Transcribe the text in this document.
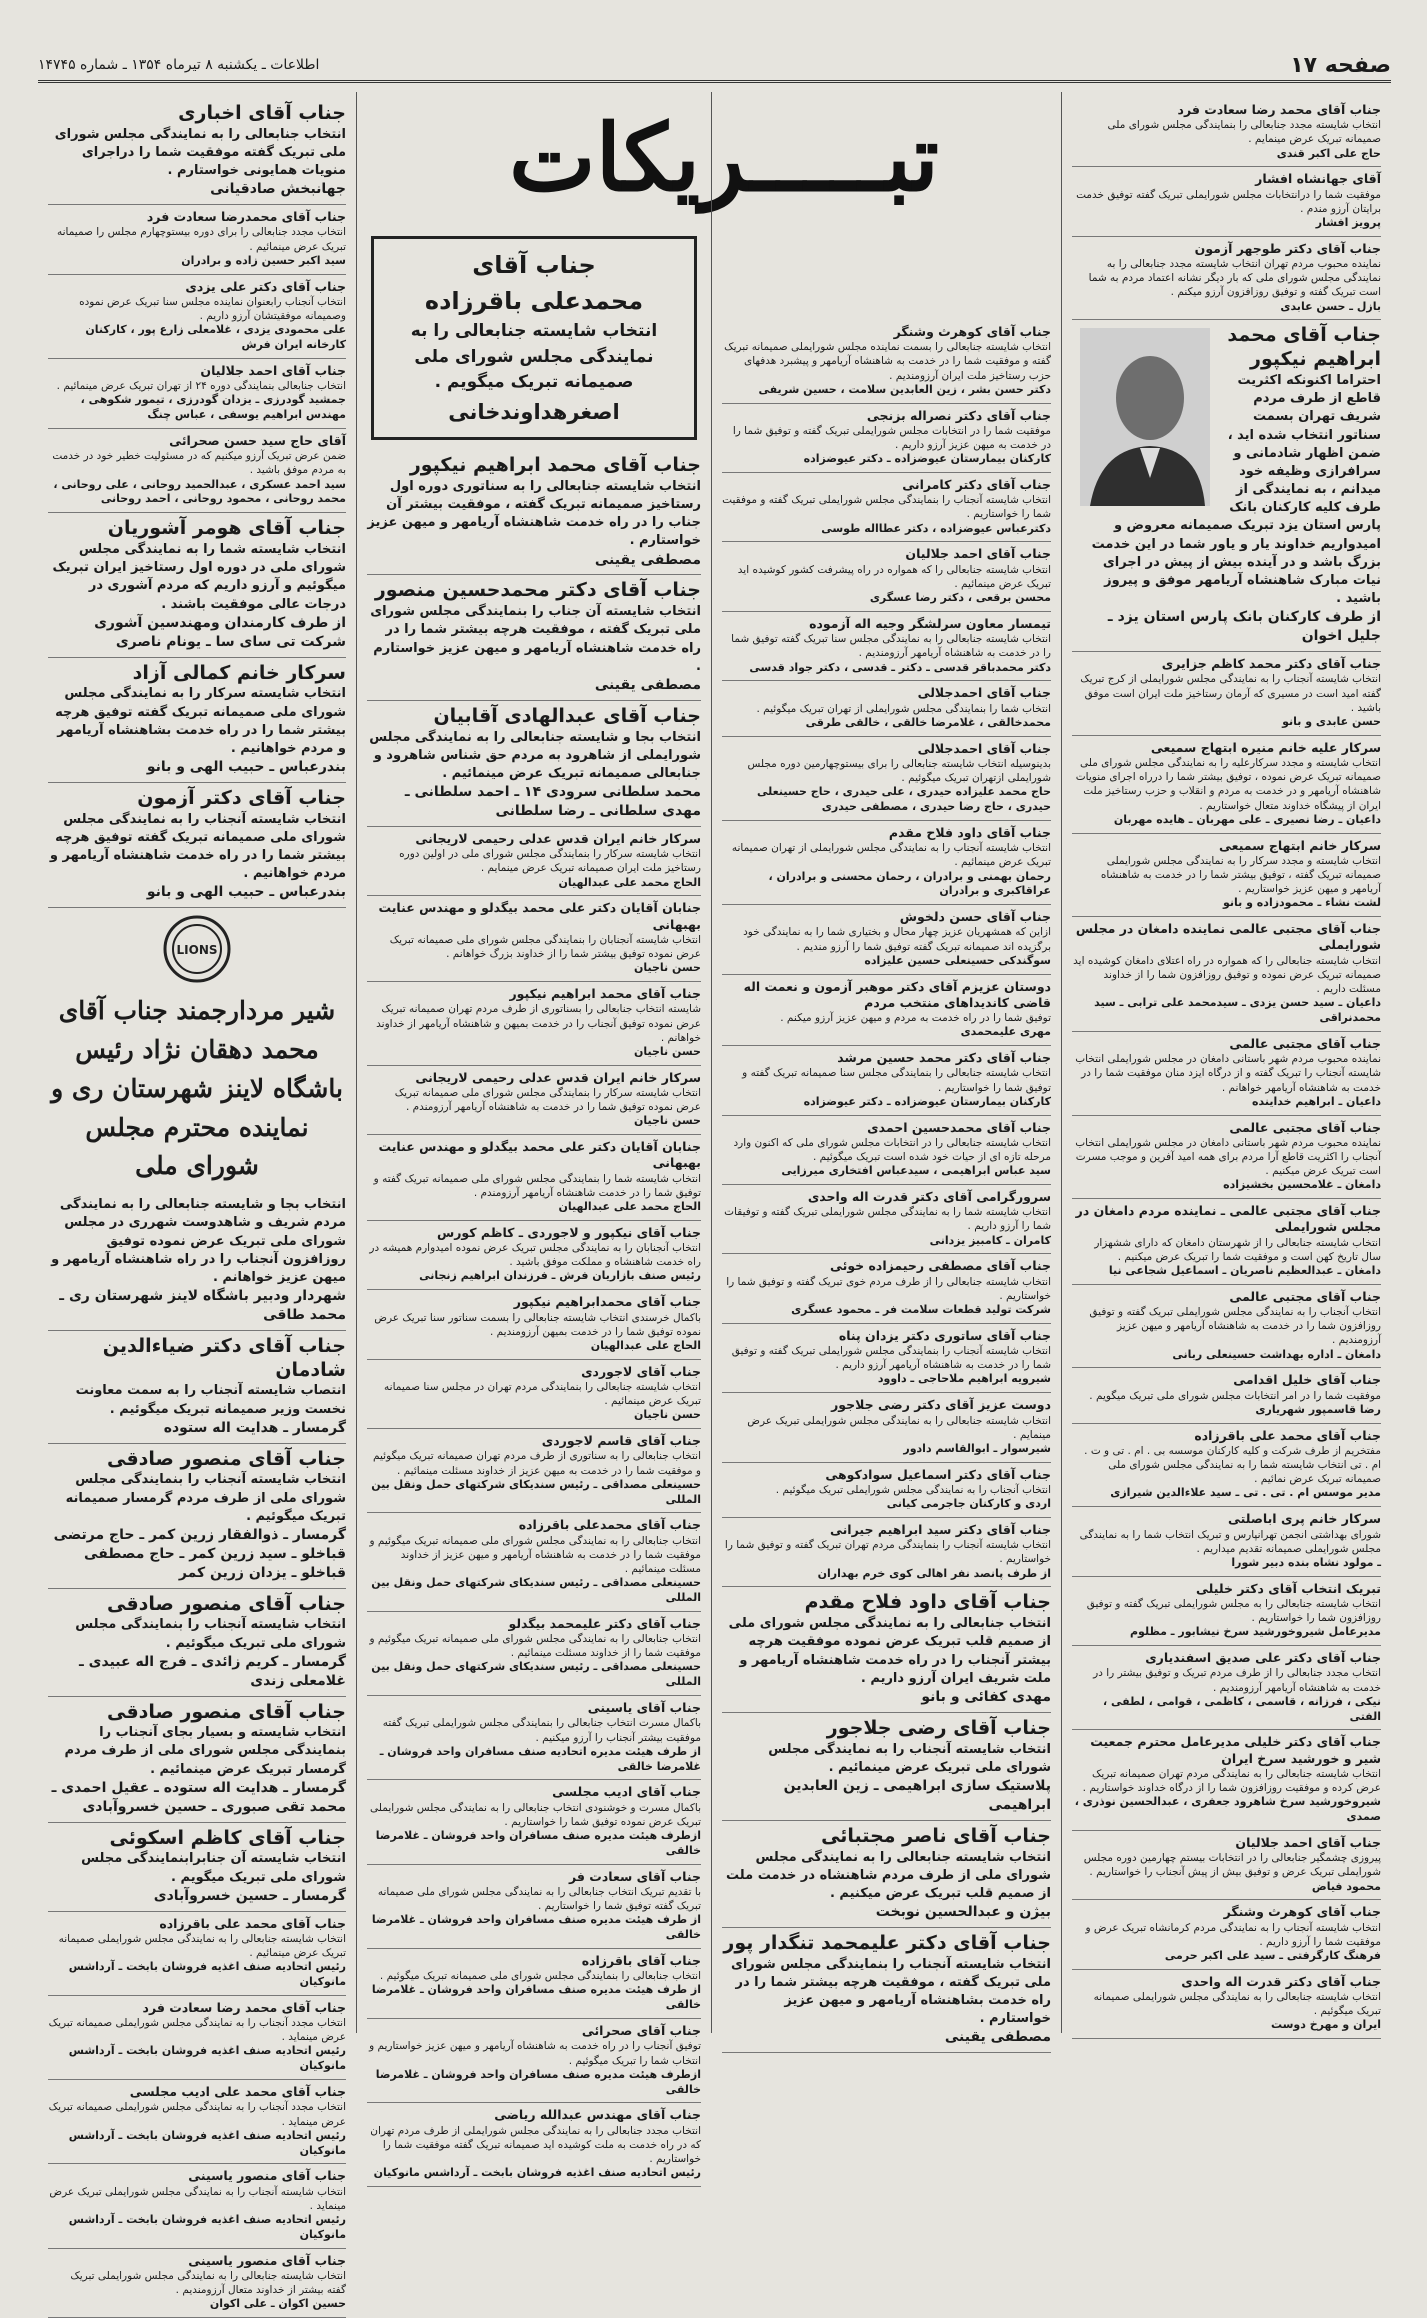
صفحه ۱۷
اطلاعات ـ یکشنبه ۸ تیرماه ۱۳۵۴ ـ شماره ۱۴۷۴۵
تبـــــریکات	جناب آقای محمد رضا سعادت فرد
انتخاب شایسته مجدد جنابعالی را بنمایندگی مجلس شورای ملی صمیمانه تبریک عرض مینمایم .
حاج علی اکبر قندی
آقای جهانشاه افشار
موفقیت شما را درانتخابات مجلس شورایملی تبریک گفته توفیق خدمت برایتان آرزو مندم .
پرویز افشار
جناب آقای دکتر طوجهر آزمون
نماینده محبوب مردم تهران انتخاب شایسته مجدد جنابعالی را به نمایندگی مجلس شورای ملی که بار دیگر نشانه اعتماد مردم به شما است تبریک گفته و توفیق روزافزون آرزو میکنم .
بازل ـ حسن عابدی
جناب آقای محمد ابراهیم نیکپور
احتراما اکنونکه اکثریت قاطع از طرف مردم شریف تهران بسمت سناتور انتخاب شده اید ، ضمن اظهار شادمانی و سرافرازی وظیفه خود میدانم ، به نمایندگی از طرف کلیه کارکنان بانک پارس استان یزد تبریک صمیمانه معروض و امیدواریم خداوند یار و یاور شما در این خدمت بزرگ باشد و در آینده بیش از پیش در اجرای نیات مبارک شاهنشاه آریامهر موفق و پیروز باشید .
از طرف کارکنان بانک پارس استان یزد ـ جلیل اخوان
جناب آقای دکتر محمد کاظم جزایری
انتخاب شایسته آنجناب را به نمایندگی مجلس شورایملی از کرج تبریک گفته امید است در مسیری که آرمان رستاخیز ملت ایران است موفق باشید .
حسن عابدی و بانو
سرکار علیه خانم منیره ابتهاج سمیعی
انتخاب شایسته و مجدد سرکارعلیه را به نمایندگی مجلس شورای ملی صمیمانه تبریک عرض نموده ، توفیق بیشتر شما را درراه اجرای منویات شاهنشاه آریامهر و در خدمت به مردم و انقلاب و حزب رستاخیز ملت ایران از پیشگاه خداوند متعال خواستاریم .
داعیان ـ رضا نصیری ـ علی مهربان ـ هایده مهربان
سرکار خانم ابتهاج سمیعی
انتخاب شایسته و مجدد سرکار را به نمایندگی مجلس شورایملی صمیمانه تبریک گفته ، توفیق بیشتر شما را در خدمت به شاهنشاه آریامهر و میهن عزیز خواستاریم .
لشت نشاء ـ محمودزاده و بانو
جناب آقای مجتبی عالمی نماینده دامغان در مجلس شورایملی
انتخاب شایسته جنابعالی را که همواره در راه اعتلای دامغان کوشیده اید صمیمانه تبریک عرض نموده و توفیق روزافزون شما را از خداوند مسئلت داریم .
داعیان ـ سید حسن یزدی ـ سیدمحمد علی ترابی ـ سید محمدنراقی
جناب آقای مجتبی عالمی
نماینده محبوب مردم شهر باستانی دامغان در مجلس شورایملی انتخاب شایسته آنجناب را تبریک گفته و از درگاه ایزد منان موفقیت شما را در خدمت به شاهنشاه آریامهر خواهانم .
داعیان ـ ابراهیم خداینده
جناب آقای مجتبی عالمی
نماینده محبوب مردم شهر باستانی دامغان در مجلس شورایملی انتخاب آنجناب را اکثریت قاطع آرا مردم برای همه امید آفرین و موجب مسرت است تبریک عرض میکنیم .
دامغان ـ غلامحسین بخشیزاده
جناب آقای مجتبی عالمی ـ نماینده مردم دامغان در مجلس شورایملی
انتخاب شایسته جنابعالی را از شهرستان دامغان که دارای ششهزار سال تاریخ کهن است و موفقیت شما را تبریک عرض میکنیم .
دامغان ـ عبدالعظیم ناصریان ـ اسماعیل شجاعی نیا
جناب آقای مجتبی عالمی
انتخاب آنجناب را به نمایندگی مجلس شورایملی تبریک گفته و توفیق روزافزون شما را در خدمت به شاهنشاه آریامهر و میهن عزیز آرزومندیم .
دامغان ـ اداره بهداشت حسینعلی ربانی
جناب آقای خلیل اقدامی
موفقیت شما را در امر انتخابات مجلس شورای ملی تبریک میگویم .
رضا قاسمپور شهریاری
جناب آقای محمد علی باقرزاده
مفتخریم از طرف شرکت و کلیه کارکنان موسسه بی . ام . تی و ت . ام . تی انتخاب شایسته شما را به نمایندگی مجلس شورای ملی صمیمانه تبریک عرض نمائیم .
مدیر موسس ام . تی . تی ـ سید علاءالدین شیرازی
سرکار خانم پری اباصلتی
شورای بهداشتی انجمن تهرانپارس و تبریک انتخاب شما را به نمایندگی مجلس شورایملی صمیمانه تقدیم میداریم .
ـ مولود نشاه بنده دبیر شورا
تبریک انتخاب آقای دکتر خلیلی
انتخاب شایسته جنابعالی را به مجلس شورایملی تبریک گفته و توفیق روزافزون شما را خواستاریم .
مدیرعامل شیروخورشید سرخ نیشابور ـ مظلوم
جناب آقای دکتر علی صدیق اسفندیاری
انتخاب مجدد جنابعالی را از طرف مردم تبریک و توفیق بیشتر را در خدمت به شاهنشاه آریامهر آرزومندیم .
نیکی ، فرزانه ، قاسمی ، کاظمی ، قوامی ، لطفی ، الفتی
جناب آقای دکتر خلیلی مدیرعامل محترم جمعیت شیر و خورشید سرخ ایران
انتخاب شایسته جنابعالی را به نمایندگی مردم تهران صمیمانه تبریک عرض کرده و موفقیت روزافزون شما را از درگاه خداوند خواستاریم .
شیروخورشید سرخ شاهرود جعفری ، عبدالحسین نوذری ، صمدی
جناب آقای احمد جلالیان
پیروزی چشمگیر جنابعالی را در انتخابات بیستم چهارمین دوره مجلس شورایملی تبریک عرض و توفیق بیش از پیش آنجناب را خواستاریم .
محمود فیاض
جناب آقای کوهرث وشنگر
انتخاب شایسته آنجناب را به نمایندگی مردم کرمانشاه تبریک عرض و موفقیت شما را آرزو داریم .
فرهنگ کارگرفتی ـ سید علی اکبر حرمی
جناب آقای دکتر قدرت اله واحدی
انتخاب شایسته جنابعالی را به نمایندگی مجلس شورایملی صمیمانه تبریک میگوئیم .
ایران و مهرخ دوست
جناب آقای کوهرث وشنگر
انتخاب شایسته جنابعالی را بسمت نماینده مجلس شورایملی صمیمانه تبریک گفته و موفقیت شما را در خدمت به شاهنشاه آریامهر و پیشبرد هدفهای حزب رستاخیز ملت ایران آرزومندیم .
دکتر حسن بشر ، زین العابدین سلامت ، حسین شریفی
جناب آقای دکتر نصراله بزنجی
موفقیت شما را در انتخابات مجلس شورایملی تبریک گفته و توفیق شما را در خدمت به میهن عزیز آرزو داریم .
کارکنان بیمارستان عیوضزاده ـ دکتر عیوضزاده
جناب آقای دکتر کامرانی
انتخاب شایسته آنجناب را بنمایندگی مجلس شورایملی تبریک گفته و موفقیت شما را خواستاریم .
دکترعباس عیوضزاده ، دکتر عطااله طوسی
جناب آقای احمد جلالیان
انتخاب شایسته جنابعالی را که همواره در راه پیشرفت کشور کوشیده اید تبریک عرض مینمائیم .
محسن برقعی ، دکتر رضا عسگری
تیمسار معاون سرلشگر وجیه اله آزموده
انتخاب شایسته جنابعالی را به نمایندگی مجلس سنا تبریک گفته توفیق شما را در خدمت به شاهنشاه آریامهر آرزومندیم .
دکتر محمدباقر قدسی ـ دکتر ـ قدسی ، دکتر جواد قدسی
جناب آقای احمدجلالی
انتخاب شما را بنمایندگی مجلس شورایملی از تهران تبریک میگوئیم .
محمدخالقی ، غلامرضا خالقی ، خالقی طرقی
جناب آقای احمدجلالی
بدینوسیله انتخاب شایسته جنابعالی را برای بیستوچهارمین دوره مجلس شورایملی ازتهران تبریک میگوئیم .
حاج محمد علیزاده حیدری ، علی حیدری ، حاج حسینعلی حیدری ، حاج رضا حیدری ، مصطفی حیدری
جناب آقای داود فلاح مقدم
انتخاب شایسته آنجناب را به نمایندگی مجلس شورایملی از تهران صمیمانه تبریک عرض مینمائیم .
رحمان بهمنی و برادران ، رحمان محسنی و برادران ، عراقاکبری و برادران
جناب آقای حسن دلخوش
ازاین که همشهریان عزیز چهار محال و بختیاری شما را به نمایندگی خود برگزیده اند صمیمانه تبریک گفته توفیق شما را آرزو مندیم .
سوگندکی حسینعلی حسین علیزاده
دوستان عزیزم آقای دکتر موهبر آزمون و نعمت اله قاضی کاندیداهای منتخب مردم
توفیق شما را در راه خدمت به مردم و میهن عزیز آرزو میکنم .
مهری علیمحمدی
جناب آقای دکتر محمد حسین مرشد
انتخاب شایسته جنابعالی را بنمایندگی مجلس سنا صمیمانه تبریک گفته و توفیق شما را خواستاریم .
کارکنان بیمارستان عیوضزاده ـ دکتر عیوضزاده
جناب آقای محمدحسین احمدی
انتخاب شایسته جنابعالی را در انتخابات مجلس شورای ملی که اکنون وارد مرحله تازه ای از حیات خود شده است تبریک میگوئیم .
سید عباس ابراهیمی ، سیدعباس افتخاری میرزایی
سرورگرامی آقای دکتر قدرت اله واحدی
انتخاب شایسته شما را به نمایندگی مجلس شورایملی تبریک گفته و توفیقات شما را آرزو داریم .
کامران ـ کامبیز یزدانی
جناب آقای مصطفی رحیمزاده خوئی
انتخاب شایسته جنابعالی را از طرف مردم خوی تبریک گفته و توفیق شما را خواستاریم .
شرکت تولید قطعات سلامت فر ـ محمود عسگری
جناب آقای ساتوری دکتر یزدان پناه
انتخاب شایسته آنجناب را بنمایندگی مجلس شورایملی تبریک گفته و توفیق شما را در خدمت به شاهنشاه آریامهر آرزو داریم .
شیرویه ابراهیم ملاحاجی ـ داوود
دوست عزیز آقای دکتر رضی جلاجور
انتخاب شایسته جنابعالی را به نمایندگی مجلس شورایملی تبریک عرض مینمایم .
شیرسوار ـ ابوالقاسم دادور
جناب آقای دکتر اسماعیل سوادکوهی
انتخاب آنجناب را به نمایندگی مجلس شورایملی تبریک میگوئیم .
اردی و کارکنان جاجرمی کیانی
جناب آقای دکتر سید ابراهیم جیرانی
انتخاب شایسته آنجناب را بنمایندگی مردم تهران تبریک گفته و توفیق شما را خواستاریم .
از طرف پانصد نفر اهالی کوی خرم بهداران
جناب آقای داود فلاح مقدم
انتخاب جنابعالی را به نمایندگی مجلس شورای ملی از صمیم قلب تبریک عرض نموده موفقیت هرچه بیشتر آنجناب را در راه خدمت شاهنشاه آریامهر و ملت شریف ایران آرزو داریم .
مهدی کفائی و بانو
جناب آقای رضی جلاجور
انتخاب شایسته آنجناب را به نمایندگی مجلس شورای ملی تبریک عرض مینمائیم .
پلاستیک سازی ابراهیمی ـ زین العابدین ابراهیمی
جناب آقای ناصر مجتبائی
انتخاب شایسته جنابعالی را به نمایندگی مجلس شورای ملی از طرف مردم شاهنشاه در خدمت ملت از صمیم قلب تبریک عرض میکنیم .
بیژن و عبدالحسین نوبخت
جناب آقای دکتر علیمحمد تنگدار پور
انتخاب شایسته آنجناب را بنمایندگی مجلس شورای ملی تبریک گفته ، موفقیت هرچه بیشتر شما را در راه خدمت بشاهنشاه آریامهر و میهن عزیز خواستارم .
مصطفی یقینی
جناب آقای
محمدعلی باقرزاده
انتخاب شایسته جنابعالی را به نمایندگی مجلس شورای ملی صمیمانه تبریک میگویم .
اصغرهداوندخانی
جناب آقای محمد ابراهیم نیکپور
انتخاب شایسته جنابعالی را به سناتوری دوره اول رستاخیز صمیمانه تبریک گفته ، موفقیت بیشتر آن جناب را در راه خدمت شاهنشاه آریامهر و میهن عزیز خواستارم .
مصطفی یقینی
جناب آقای دکتر محمدحسین منصور
انتخاب شایسته آن جناب را بنمایندگی مجلس شورای ملی تبریک گفته ، موفقیت هرچه بیشتر شما را در راه خدمت شاهنشاه آریامهر و میهن عزیز خواستارم .
مصطفی یقینی
جناب آقای عبدالهادی آقابیان
انتخاب بجا و شایسته جنابعالی را به نمایندگی مجلس شورایملی از شاهرود به مردم حق شناس شاهرود و جنابعالی صمیمانه تبریک عرض مینمائیم .
محمد سلطانی سرودی ۱۴ ـ احمد سلطانی ـ مهدی سلطانی ـ رضا سلطانی
سرکار خانم ایران قدس عدلی رحیمی لاریجانی
انتخاب شایسته سرکار را بنمایندگی مجلس شورای ملی در اولین دوره رستاخیز ملت ایران صمیمانه تبریک عرض مینمایم .
الحاج محمد علی عبدالهیان
جنابان آقایان دکتر علی محمد بیگدلو و مهندس عنایت بهبهانی
انتخاب شایسته آنجنابان را بنمایندگی مجلس شورای ملی صمیمانه تبریک عرض نموده توفیق بیشتر شما را از خداوند بزرگ خواهانم .
حسن ناجیان
جناب آقای محمد ابراهیم نیکپور
شایسته انتخاب جنابعالی را بسناتوری از طرف مردم تهران صمیمانه تبریک عرض نموده توفیق آنجناب را در خدمت بمیهن و شاهنشاه آریامهر از خداوند خواهانم .
حسن ناجیان
سرکار خانم ایران قدس عدلی رحیمی لاریجانی
انتخاب شایسته سرکار را بنمایندگی مجلس شورای ملی صمیمانه تبریک عرض نموده توفیق شما را در خدمت به شاهنشاه آریامهر آرزومندم .
حسن ناجیان
جنابان آقایان دکتر علی محمد بیگدلو و مهندس عنایت بهبهانی
انتخاب شایسته شما را بنمایندگی مجلس شورای ملی صمیمانه تبریک گفته و توفیق شما را در خدمت شاهنشاه آریامهر آرزومندم .
الحاج محمد علی عبدالهیان
جناب آقای نیکپور و لاجوردی ـ کاظم کورس
انتخاب آنجنابان را به نمایندگی مجلس تبریک عرض نموده امیدوارم همیشه در راه خدمت شاهنشاه و مملکت موفق باشید .
رئیس صنف بازاریان فرش ـ فرزندان ابراهیم زنجانی
جناب آقای محمدابراهیم نیکپور
باکمال خرسندی انتخاب شایسته جنابعالی را بسمت سناتور سنا تبریک عرض نموده توفیق شما را در خدمت بمیهن آرزومندیم .
الحاج علی عبدالهیان
جناب آقای لاجوردی
انتخاب شایسته جنابعالی را بنمایندگی مردم تهران در مجلس سنا صمیمانه تبریک عرض مینمائیم .
حسن ناجیان
جناب آقای قاسم لاجوردی
انتخاب جنابعالی را به سناتوری از طرف مردم تهران صمیمانه تبریک میگوئیم و موفقیت شما را در خدمت به میهن عزیز از خداوند مسئلت مینمائیم .
حسینعلی مصداقی ـ رئیس سندیکای شرکتهای حمل ونقل بین المللی
جناب آقای محمدعلی باقرزاده
انتخاب جنابعالی را به نمایندگی مجلس شورای ملی صمیمانه تبریک میگوئیم و موفقیت شما را در خدمت به شاهنشاه آریامهر و میهن عزیز از خداوند مسئلت مینمائیم .
حسینعلی مصداقی ـ رئیس سندیکای شرکتهای حمل ونقل بین المللی
جناب آقای دکتر علیمحمد بیگدلو
انتخاب جنابعالی را به نمایندگی مجلس شورای ملی صمیمانه تبریک میگوئیم و موفقیت شما را از خداوند مسئلت مینمائیم .
حسینعلی مصداقی ـ رئیس سندیکای شرکتهای حمل ونقل بین المللی
جناب آقای یاسینی
باکمال مسرت انتخاب جنابعالی را بنمایندگی مجلس شورایملی تبریک گفته موفقیت بیشتر آنجناب را آرزو میکنیم .
از طرف هیئت مدیره اتحادیه صنف مسافران واحد فروشان ـ غلامرضا خالقی
جناب آقای ادیب مجلسی
باکمال مسرت و خوشنودی انتخاب جنابعالی را به نمایندگی مجلس شورایملی تبریک عرض نموده توفیق شما را خواستاریم .
ازطرف هیئت مدیره صنف مسافران واحد فروشان ـ غلامرضا خالقی
جناب آقای سعادت فر
با تقدیم تبریک انتخاب جنابعالی را به نمایندگی مجلس شورای ملی صمیمانه تبریک گفته توفیق شما را خواستاریم .
از طرف هیئت مدیره صنف مسافران واحد فروشان ـ غلامرضا خالقی
جناب آقای باقرزاده
انتخاب جنابعالی را بنمایندگی مجلس شورای ملی صمیمانه تبریک میگوئیم .
از طرف هیئت مدیره صنف مسافران واحد فروشان ـ غلامرضا خالقی
جناب آقای صحرائی
توفیق آنجناب را در راه خدمت به شاهنشاه آریامهر و میهن عزیز خواستاریم و انتخاب شما را تبریک میگوئیم .
ازطرف هیئت مدیره صنف مسافران واحد فروشان ـ غلامرضا خالقی
جناب آقای مهندس عبدالله ریاضی
انتخاب مجدد جنابعالی را به نمایندگی مجلس شورایملی از طرف مردم تهران که در راه خدمت به ملت کوشیده اید صمیمانه تبریک گفته موفقیت شما را خواستاریم .
رئیس اتحادیه صنف اغذیه فروشان بابخت ـ آرداشس مانوکیان
جناب آقای اخباری
انتخاب جنابعالی را به نمایندگی مجلس شورای ملی تبریک گفته موفقیت شما را دراجرای منویات همایونی خواستارم .
جهانبخش صادقیانی
جناب آقای محمدرضا سعادت فرد
انتخاب مجدد جنابعالی را برای دوره بیستوچهارم مجلس را صمیمانه تبریک عرض مینمائیم .
سید اکبر حسین زاده و برادران
جناب آقای دکتر علی یزدی
انتخاب آنجناب رابعنوان نماینده مجلس سنا تبریک عرض نموده وصمیمانه موفقیتشان آرزو داریم .
علی محمودی یزدی ، غلامعلی زارع پور ، کارکنان کارخانه ایران فرش
جناب آقای احمد جلالیان
انتخاب جنابعالی بنمایندگی دوره ۲۴ از تهران تبریک عرض مینمائیم .
جمشید گودرزی ـ یزدان گودرزی ، تیمور شکوهی ، مهندس ابراهیم یوسفی ، عباس چنگ
آقای حاج سید حسن صحرائی
ضمن عرض تبریک آرزو میکنیم که در مسئولیت خطیر خود در خدمت به مردم موفق باشید .
سید احمد عسکری ، عبدالحمید روحانی ، علی روحانی ، محمد روحانی ، محمود روحانی ، احمد روحانی
جناب آقای هومر آشوریان
انتخاب شایسته شما را به نمایندگی مجلس شورای ملی در دوره اول رستاخیز ایران تبریک میگوئیم و آرزو داریم که مردم آشوری در درجات عالی موفقیت باشند .
از طرف کارمندان ومهندسین آشوری شرکت تی سای سا ـ یونام ناصری
سرکار خانم کمالی آزاد
انتخاب شایسته سرکار را به نمایندگی مجلس شورای ملی صمیمانه تبریک گفته توفیق هرچه بیشتر شما را در راه خدمت بشاهنشاه آریامهر و مردم خواهانیم .
بندرعباس ـ حبیب الهی و بانو
جناب آقای دکتر آزمون
انتخاب شایسته آنجناب را به نمایندگی مجلس شورای ملی صمیمانه تبریک گفته توفیق هرچه بیشتر شما را در راه خدمت شاهنشاه آریامهر و مردم خواهانیم .
بندرعباس ـ حبیب الهی و بانو
LIONS
شیر مردارجمند جناب آقای محمد دهقان نژاد رئیس باشگاه لاینز شهرستان ری و نماینده محترم مجلس شورای ملی
انتخاب بجا و شایسته جنابعالی را به نمایندگی مردم شریف و شاهدوست شهرری در مجلس شورای ملی تبریک عرض نموده توفیق روزافزون آنجناب را در راه شاهنشاه آریامهر و میهن عزیز خواهانم .
شهردار ودبیر باشگاه لاینز شهرستان ری ـ محمد طاقی
جناب آقای دکتر ضیاءالدین شادمان
انتصاب شایسته آنجناب را به سمت معاونت نخست وزیر صمیمانه تبریک میگوئیم .
گرمسار ـ هدایت اله ستوده
جناب آقای منصور صادقی
انتخاب شایسته آنجناب را بنمایندگی مجلس شورای ملی از طرف مردم گرمسار صمیمانه تبریک میگوئیم .
گرمسار ـ ذوالفقار زرین کمر ـ حاج مرتضی قباخلو ـ سید زرین کمر ـ حاج مصطفی قباخلو ـ یزدان زرین کمر
جناب آقای منصور صادقی
انتخاب شایسته آنجناب را بنمایندگی مجلس شورای ملی تبریک میگوئیم .
گرمسار ـ کریم زائدی ـ فرج اله عبیدی ـ غلامعلی زندی
جناب آقای منصور صادقی
انتخاب شایسته و بسیار بجای آنجناب را بنمایندگی مجلس شورای ملی از طرف مردم گرمسار تبریک عرض مینمائیم .
گرمسار ـ هدایت اله ستوده ـ عقیل احمدی ـ محمد تقی صبوری ـ حسین خسروآبادی
جناب آقای کاظم اسکوئی
انتخاب شایسته آن جنابرابنمایندگی مجلس شورای ملی تبریک میگویم .
گرمسار ـ حسین خسروآبادی
جناب آقای محمد علی باقرزاده
انتخاب شایسته جنابعالی را به نمایندگی مجلس شورایملی صمیمانه تبریک عرض مینمائیم .
رئیس اتحادیه صنف اغذیه فروشان بابخت ـ آرداشس مانوکیان
جناب آقای محمد رضا سعادت فرد
انتخاب مجدد آنجناب را به نمایندگی مجلس شورایملی صمیمانه تبریک عرض مینماید .
رئیس اتحادیه صنف اغذیه فروشان بابخت ـ آرداشس مانوکیان
جناب آقای محمد علی ادیب مجلسی
انتخاب مجدد آنجناب را به نمایندگی مجلس شورایملی صمیمانه تبریک عرض مینماید .
رئیس اتحادیه صنف اغذیه فروشان بابخت ـ آرداشس مانوکیان
جناب آقای منصور یاسینی
انتخاب شایسته آنجناب را به نمایندگی مجلس شورایملی تبریک عرض مینماید .
رئیس اتحادیه صنف اغذیه فروشان بابخت ـ آرداشس مانوکیان
جناب آقای منصور یاسینی
انتخاب شایسته جنابعالی را به نمایندگی مجلس شورایملی تبریک گفته بیشتر از خداوند متعال آرزومندیم .
حسین اکوان ـ علی اکوان
